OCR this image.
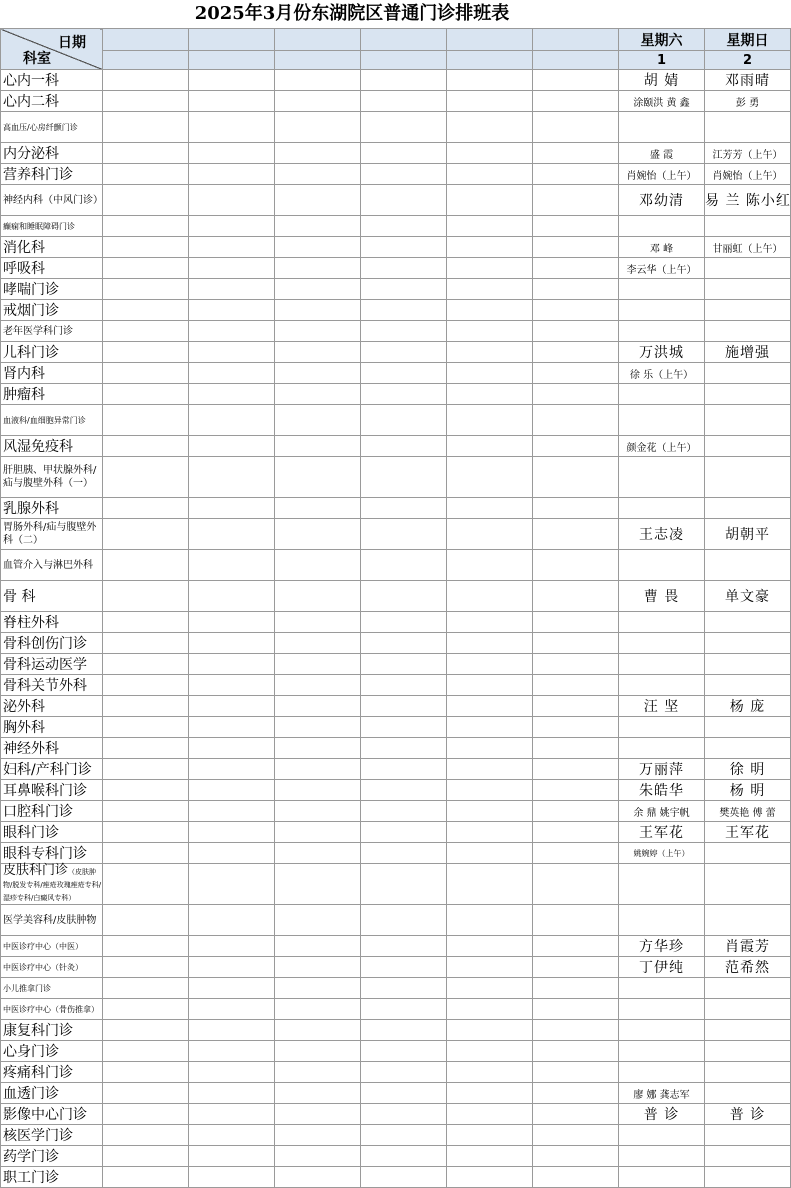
2025年3月份东湖院区普通门诊排班表
日期
科室							星期六	星期日
							1	2
心内一科							胡 婧	邓雨晴
心内二科							涂颐洪 黄 鑫	彭 勇
高血压/心房纤颤门诊								
内分泌科							盛 霞	江芳芳（上午）
营养科门诊							肖婉怡（上午）	肖婉怡（上午）
神经内科（中风门诊）							邓幼清	易 兰 陈小红
癫痫和睡眠障碍门诊								
消化科							邓 峰	甘丽虹（上午）
呼吸科							李云华（上午）	
哮喘门诊								
戒烟门诊								
老年医学科门诊								
儿科门诊							万洪城	施增强
肾内科							徐 乐（上午）	
肿瘤科								
血液科/血细胞异常门诊								
风湿免疫科							颜金花（上午）	
肝胆胰、甲状腺外科/疝与腹壁外科（一）								
乳腺外科								
胃肠外科/疝与腹壁外科（二）							王志凌	胡朝平
血管介入与淋巴外科								
骨 科							曹 畏	单文豪
脊柱外科								
骨科创伤门诊								
骨科运动医学								
骨科关节外科								
泌外科							汪 坚	杨 庞
胸外科								
神经外科								
妇科/产科门诊							万丽萍	徐 明
耳鼻喉科门诊							朱皓华	杨 明
口腔科门诊							余 鼎 姚宇帆	樊英艳 傅 蕾
眼科门诊							王军花	王军花
眼科专科门诊							姚婉婷（上午）	
皮肤科门诊（皮肤肿物/脱发专科/痤疮玫瑰痤疮专科/湿疹专科/白癜风专科）								
医学美容科/皮肤肿物								
中医诊疗中心（中医）							方华珍	肖霞芳
中医诊疗中心（针灸）							丁伊纯	范希然
小儿推拿门诊								
中医诊疗中心（骨伤推拿）								
康复科门诊								
心身门诊								
疼痛科门诊								
血透门诊							廖 娜 龚志军	
影像中心门诊							普 诊	普 诊
核医学门诊								
药学门诊								
职工门诊								
